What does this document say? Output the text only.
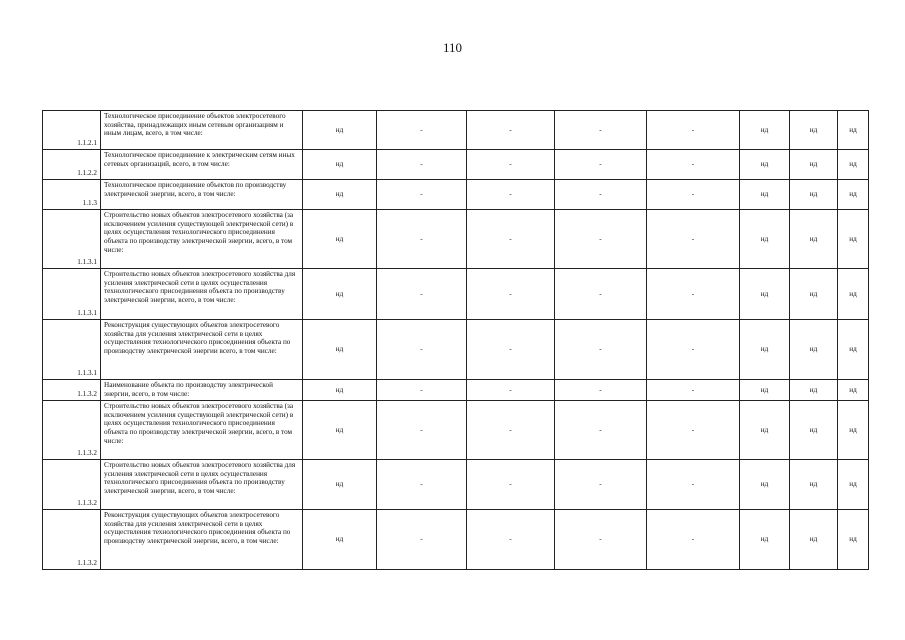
110
1.1.2.1	Технологическое присоединение объектов электросетевого хозяйства, принадлежащих иным сетевым организациям и иным лицам, всего, в том числе:	нд	-	-	-	-	нд	нд	нд
1.1.2.2	Технологическое присоединение к электрическим сетям иных сетевых организаций, всего, в том числе:	нд	-	-	-	-	нд	нд	нд
1.1.3	Технологическое присоединение объектов по производству электрической энергии, всего, в том числе:	нд	-	-	-	-	нд	нд	нд
1.1.3.1	Строительство новых объектов электросетевого хозяйства (за исключением усиления существующей электрической сети) в целях осуществления технологического присоединения объекта по производству электрической энергии, всего, в том числе:	нд	-	-	-	-	нд	нд	нд
1.1.3.1	Строительство новых объектов электросетевого хозяйства для усиления электрической сети в целях осуществления технологического присоединения объекта по производству электрической энергии, всего, в том числе:	нд	-	-	-	-	нд	нд	нд
1.1.3.1	Реконструкция существующих объектов электросетевого хозяйства для усиления электрической сети в целях осуществления технологического присоединения объекта по производству электрической энергии всего, в том числе:	нд	-	-	-	-	нд	нд	нд
1.1.3.2	Наименование объекта по производству электрической энергии, всего, в том числе:	нд	-	-	-	-	нд	нд	нд
1.1.3.2	Строительство новых объектов электросетевого хозяйства (за исключением усиления существующей электрической сети) в целях осуществления технологического присоединения объекта по производству электрической энергии, всего, в том числе:	нд	-	-	-	-	нд	нд	нд
1.1.3.2	Строительство новых объектов электросетевого хозяйства для усиления электрической сети в целях осуществления технологического присоединения объекта по производству электрической энергии, всего, в том числе:	нд	-	-	-	-	нд	нд	нд
1.1.3.2	Реконструкция существующих объектов электросетевого хозяйства для усиления электрической сети в целях осуществления технологического присоединения объекта по производству электрической энергии, всего, в том числе:	нд	-	-	-	-	нд	нд	нд
